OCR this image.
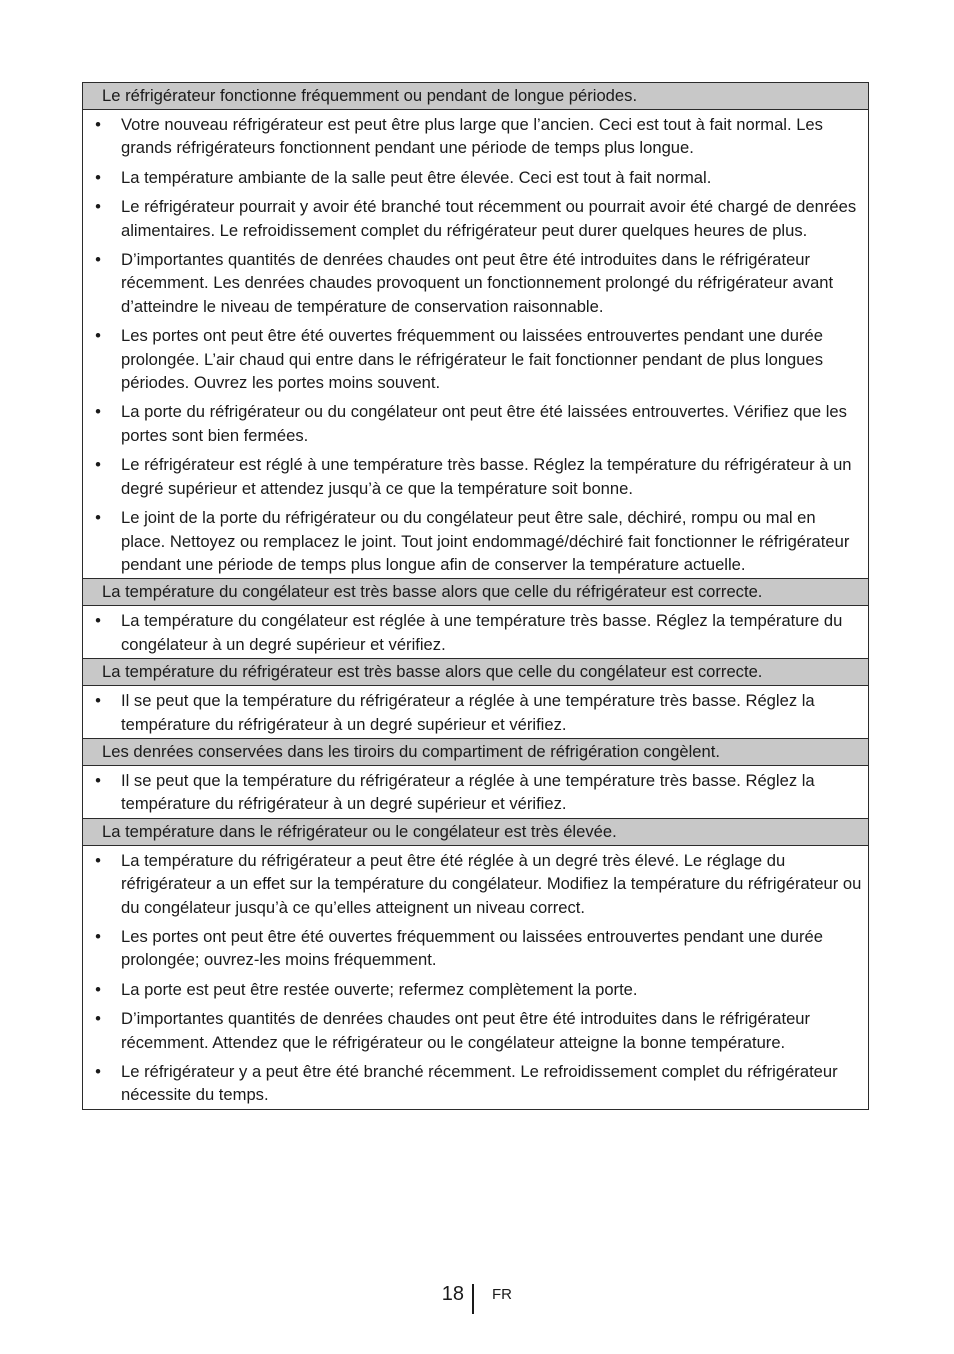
Le réfrigérateur fonctionne fréquemment ou pendant de longue périodes.
• Votre nouveau réfrigérateur est peut être plus large que l’ancien. Ceci est tout à fait normal. Les grands réfrigérateurs fonctionnent pendant une période de temps plus longue.
• La température ambiante de la salle peut être élevée. Ceci est tout à fait normal.
• Le réfrigérateur pourrait y avoir été branché tout récemment ou pourrait avoir été chargé de denrées alimentaires. Le refroidissement complet du réfrigérateur peut durer quelques heures de plus.
• D’importantes quantités de denrées chaudes ont peut être été introduites dans le réfrigérateur récemment. Les denrées chaudes provoquent un fonctionnement prolongé du réfrigérateur avant d’atteindre le niveau de température de conservation raisonnable.
• Les portes ont peut être été ouvertes fréquemment ou laissées entrouvertes pendant une durée prolongée. L’air chaud qui entre dans le réfrigérateur le fait fonctionner pendant de plus longues périodes. Ouvrez les portes moins souvent.
• La porte du réfrigérateur ou du congélateur ont peut être été laissées entrouvertes. Vérifiez que les portes sont bien fermées.
• Le réfrigérateur est réglé à une température très basse. Réglez la température du réfrigérateur à un degré supérieur et attendez jusqu’à ce que la température soit bonne.
• Le joint de la porte du réfrigérateur ou du congélateur peut être sale, déchiré, rompu ou mal en place. Nettoyez ou remplacez le joint. Tout joint endommagé/déchiré fait fonctionner le réfrigérateur pendant une période de temps plus longue afin de conserver la température actuelle.
La température du congélateur est très basse alors que celle du réfrigérateur est correcte.
• La température du congélateur est réglée à une température très basse. Réglez la température du congélateur à un degré supérieur et vérifiez.
La température du réfrigérateur est très basse alors que celle du congélateur est correcte.
• Il se peut que la température du réfrigérateur a réglée à une température très basse. Réglez la température du réfrigérateur à un degré supérieur et vérifiez.
Les denrées conservées dans les tiroirs du compartiment de réfrigération congèlent.
• Il se peut que la température du réfrigérateur a réglée à une température très basse. Réglez la température du réfrigérateur à un degré supérieur et vérifiez.
La température dans le réfrigérateur ou le congélateur est très élevée.
• La température du réfrigérateur a peut être été réglée à un degré très élevé. Le réglage du réfrigérateur a un effet sur la température du congélateur. Modifiez la température du réfrigérateur ou du congélateur jusqu’à ce qu’elles atteignent un niveau correct.
• Les portes ont peut être été ouvertes fréquemment ou laissées entrouvertes pendant une durée prolongée; ouvrez-les moins fréquemment.
• La porte est peut être restée ouverte; refermez complètement la porte.
• D’importantes quantités de denrées chaudes ont peut être été introduites dans le réfrigérateur récemment. Attendez que le réfrigérateur ou le congélateur atteigne la bonne température.
• Le réfrigérateur y a peut être été branché récemment. Le refroidissement complet du réfrigérateur nécessite du temps.
18 FR
